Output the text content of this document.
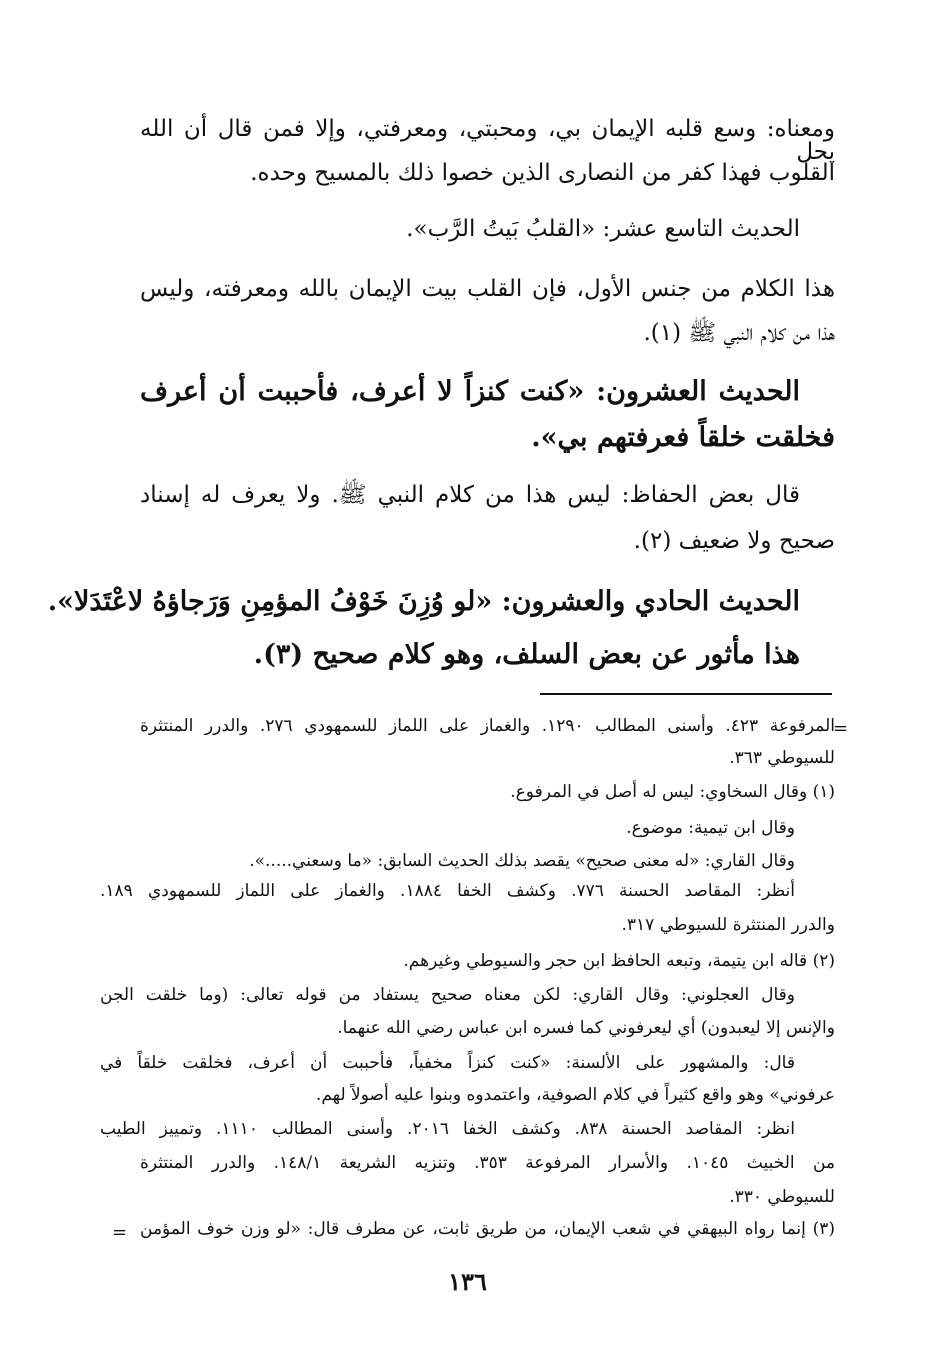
ومعناه: وسع قلبه الإيمان بي، ومحبتي، ومعرفتي، وإلا فمن قال أن الله يحل
القلوب فهذا كفر من النصارى الذين خصوا ذلك بالمسيح وحده.
الحديث التاسع عشر: «القلبُ بَيتُ الرَّب».
هذا الكلام من جنس الأول، فإن القلب بيت الإيمان بالله ومعرفته، وليس
هذا من كلام النبي ﷺ (١).
الحديث العشرون: «كنت كنزاً لا أعرف، فأحببت أن أعرف
فخلقت خلقاً فعرفتهم بي».
قال بعض الحفاظ: ليس هذا من كلام النبي ﷺ. ولا يعرف له إسناد
صحيح ولا ضعيف (٢).
الحديث الحادي والعشرون: «لو وُزِنَ خَوْفُ المؤمِنِ وَرَجاؤهُ لاعْتَدَلا».
هذا مأثور عن بعض السلف، وهو كلام صحيح (٣).
=
المرفوعة ٤٢٣. وأسنى المطالب ١٢٩٠. والغماز على اللماز للسمهودي ٢٧٦. والدرر المنتثرة
للسيوطي ٣٦٣.
(١) وقال السخاوي: ليس له أصل في المرفوع.
وقال ابن تيمية: موضوع.
وقال القاري: «له معنى صحيح» يقصد بذلك الحديث السابق: «ما وسعني.....».
أنظر: المقاصد الحسنة ٧٧٦. وكشف الخفا ١٨٨٤. والغماز على اللماز للسمهودي ١٨٩.
والدرر المنتثرة للسيوطي ٣١٧.
(٢) قاله ابن يتيمة، وتبعه الحافظ ابن حجر والسيوطي وغيرهم.
وقال العجلوني: وقال القاري: لكن معناه صحيح يستفاد من قوله تعالى: (وما خلقت الجن
والإنس إلا ليعبدون) أي ليعرفوني كما فسره ابن عباس رضي الله عنهما.
قال: والمشهور على الألسنة: «كنت كنزاً مخفياً، فأحببت أن أعرف، فخلقت خلقاً في
عرفوني» وهو واقع كثيراً في كلام الصوفية، واعتمدوه وبنوا عليه أصولاً لهم.
انظر: المقاصد الحسنة ٨٣٨. وكشف الخفا ٢٠١٦. وأسنى المطالب ١١١٠. وتمييز الطيب
من الخبيث ١٠٤٥. والأسرار المرفوعة ٣٥٣. وتنزيه الشريعة ١٤٨/١. والدرر المنتثرة
للسيوطي ٣٣٠.
(٣) إنما رواه البيهقي في شعب الإيمان، من طريق ثابت، عن مطرف قال: «لو وزن خوف المؤمن
=
١٣٦
